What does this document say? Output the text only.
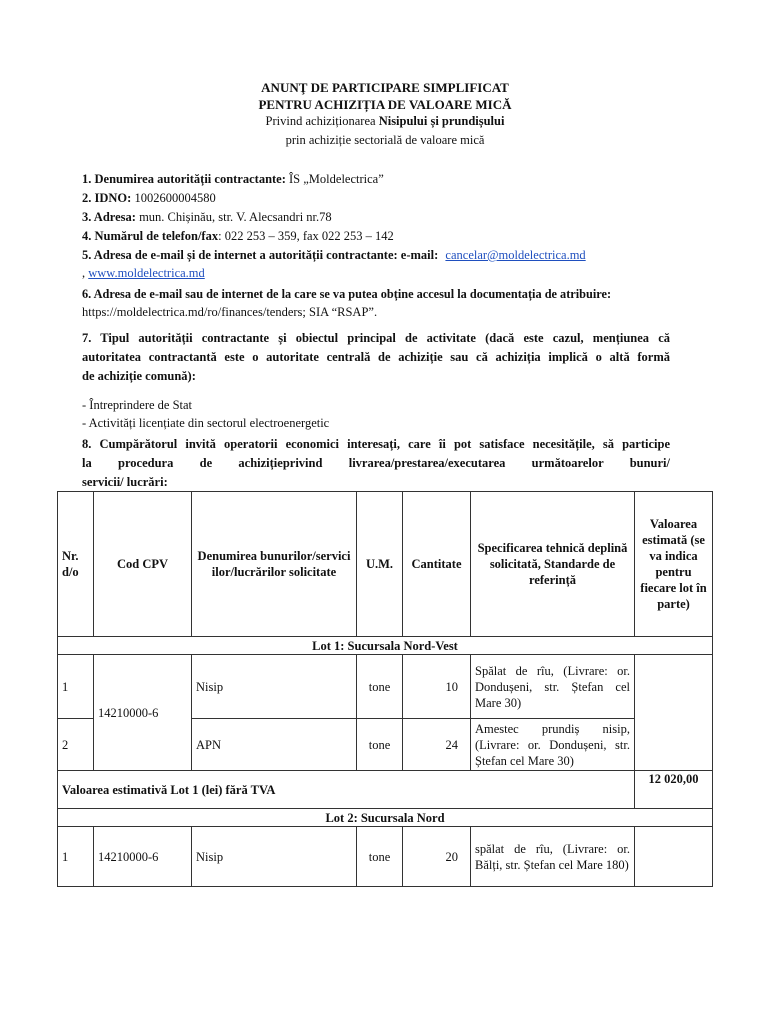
ANUNŢ DE PARTICIPARE SIMPLIFICAT
PENTRU ACHIZIȚIA DE VALOARE MICĂ
Privind achiziționarea Nisipului și prundișului
prin achiziție sectorială de valoare mică
1. Denumirea autorității contractante: ÎS „Moldelectrica”
2. IDNO: 1002600004580
3. Adresa: mun. Chișinău, str. V. Alecsandri nr.78
4. Numărul de telefon/fax: 022 253 – 359, fax 022 253 – 142
5. Adresa de e-mail și de internet a autorității contractante: e-mail: cancelar@moldelectrica.md
, www.moldelectrica.md
6. Adresa de e-mail sau de internet de la care se va putea obține accesul la documentația de atribuire:
https://moldelectrica.md/ro/finances/tenders; SIA “RSAP”.
7. Tipul autorității contractante și obiectul principal de activitate (dacă este cazul, mențiunea că
autoritatea contractantă este o autoritate centrală de achiziție sau că achiziția implică o altă formă
de achiziție comună):
- Întreprindere de Stat
- Activități licențiate din sectorul electroenergetic
8. Cumpărătorul invită operatorii economici interesați, care îi pot satisface necesitățile, să participe
la procedura de achizițieprivind livrarea/prestarea/executarea următoarelor bunuri/
servicii/ lucrări:
Nr. d/o	Cod CPV	Denumirea bunurilor/serviciilor/lucrărilor solicitate	U.M.	Cantitate	Specificarea tehnică deplină solicitată, Standarde de referință	Valoarea estimată (se va indica pentru fiecare lot în parte)
Lot 1: Sucursala Nord-Vest						
1	14210000-6	Nisip	tone	10	Spălat de rîu, (Livrare: or. Dondușeni, str. Ștefan cel Mare 30)	
2		APN	tone	24	Amestec prundiș nisip, (Livrare: or. Dondușeni, str. Ștefan cel Mare 30)	
Valoarea estimativă Lot 1 (lei) fără TVA						12 020,00
Lot 2: Sucursala Nord						
1	14210000-6	Nisip	tone	20	spălat de rîu, (Livrare: or. Bălți, str. Ștefan cel Mare 180)	
